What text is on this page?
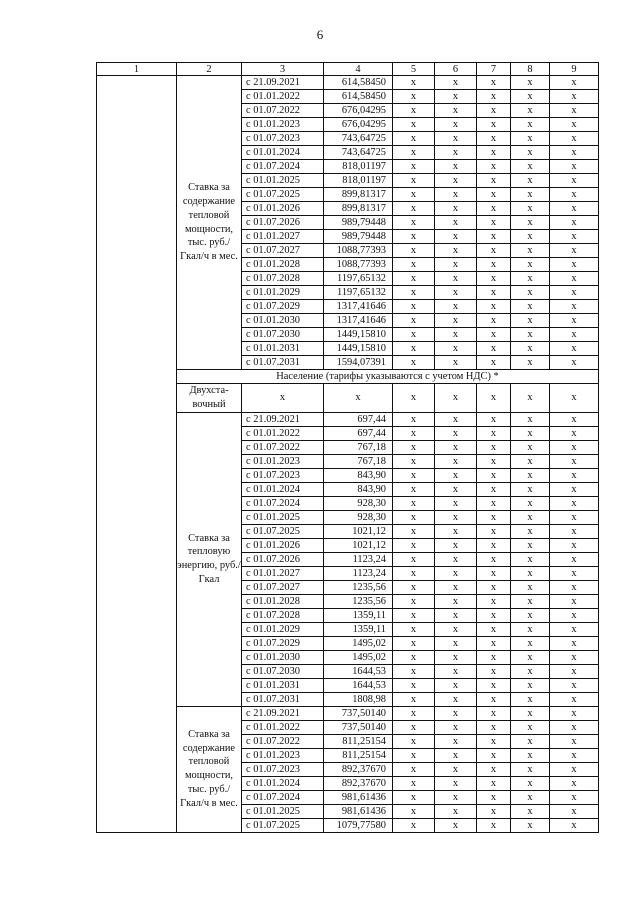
6
1	2	3	4	5	6	7	8	9
	Ставка за содержание тепловой мощности, тыс. руб./Гкал/ч в мес.	с 21.09.2021	614,58450	х	х	х	х	х
		с 01.01.2022	614,58450	х	х	х	х	х
		с 01.07.2022	676,04295	х	х	х	х	х
		с 01.01.2023	676,04295	х	х	х	х	х
		с 01.07.2023	743,64725	х	х	х	х	х
		с 01.01.2024	743,64725	х	х	х	х	х
		с 01.07.2024	818,01197	х	х	х	х	х
		с 01.01.2025	818,01197	х	х	х	х	х
		с 01.07.2025	899,81317	х	х	х	х	х
		с 01.01.2026	899,81317	х	х	х	х	х
		с 01.07.2026	989,79448	х	х	х	х	х
		с 01.01.2027	989,79448	х	х	х	х	х
		с 01.07.2027	1088,77393	х	х	х	х	х
		с 01.01.2028	1088,77393	х	х	х	х	х
		с 01.07.2028	1197,65132	х	х	х	х	х
		с 01.01.2029	1197,65132	х	х	х	х	х
		с 01.07.2029	1317,41646	х	х	х	х	х
		с 01.01.2030	1317,41646	х	х	х	х	х
		с 01.07.2030	1449,15810	х	х	х	х	х
		с 01.01.2031	1449,15810	х	х	х	х	х
		с 01.07.2031	1594,07391	х	х	х	х	х
	Население (тарифы указываются с учетом НДС) *							
	Двухста-вочный	х	х	х	х	х	х	х
	Ставка за тепловую энергию, руб./Гкал	с 21.09.2021	697,44	х	х	х	х	х
		с 01.01.2022	697,44	х	х	х	х	х
		с 01.07.2022	767,18	х	х	х	х	х
		с 01.01.2023	767,18	х	х	х	х	х
		с 01.07.2023	843,90	х	х	х	х	х
		с 01.01.2024	843,90	х	х	х	х	х
		с 01.07.2024	928,30	х	х	х	х	х
		с 01.01.2025	928,30	х	х	х	х	х
		с 01.07.2025	1021,12	х	х	х	х	х
		с 01.01.2026	1021,12	х	х	х	х	х
		с 01.07.2026	1123,24	х	х	х	х	х
		с 01.01.2027	1123,24	х	х	х	х	х
		с 01.07.2027	1235,56	х	х	х	х	х
		с 01.01.2028	1235,56	х	х	х	х	х
		с 01.07.2028	1359,11	х	х	х	х	х
		с 01.01.2029	1359,11	х	х	х	х	х
		с 01.07.2029	1495,02	х	х	х	х	х
		с 01.01.2030	1495,02	х	х	х	х	х
		с 01.07.2030	1644,53	х	х	х	х	х
		с 01.01.2031	1644,53	х	х	х	х	х
		с 01.07.2031	1808,98	х	х	х	х	х
	Ставка за содержание тепловой мощности, тыс. руб./Гкал/ч в мес.	с 21.09.2021	737,50140	х	х	х	х	х
		с 01.01.2022	737,50140	х	х	х	х	х
		с 01.07.2022	811,25154	х	х	х	х	х
		с 01.01.2023	811,25154	х	х	х	х	х
		с 01.07.2023	892,37670	х	х	х	х	х
		с 01.01.2024	892,37670	х	х	х	х	х
		с 01.07.2024	981,61436	х	х	х	х	х
		с 01.01.2025	981,61436	х	х	х	х	х
		с 01.07.2025	1079,77580	х	х	х	х	х
